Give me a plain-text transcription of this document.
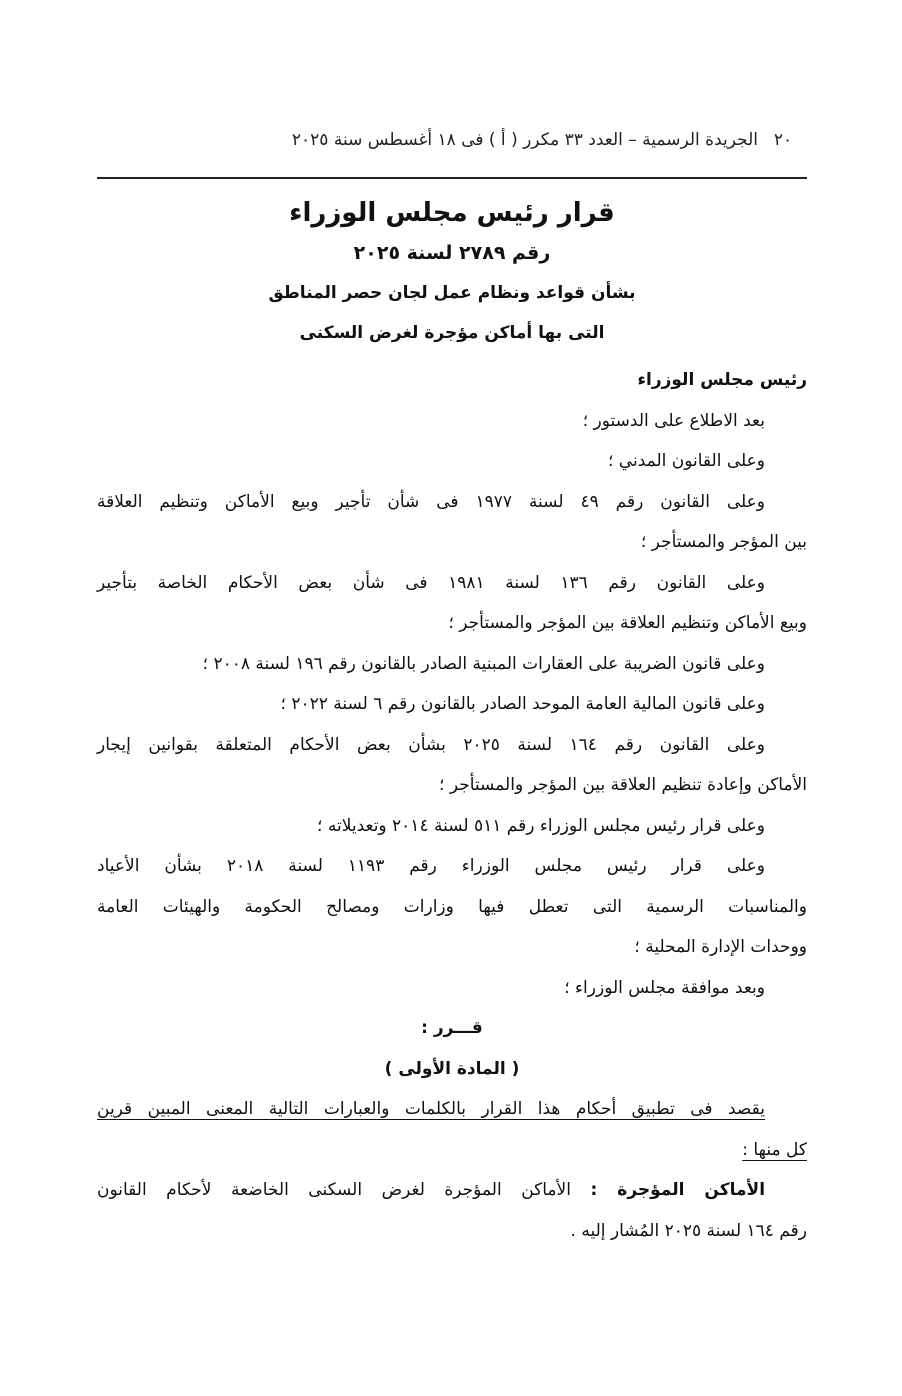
٢٠
الجريدة الرسمية – العدد ٣٣ مكرر ( أ ) فى ١٨ أغسطس سنة ٢٠٢٥
قرار رئيس مجلس الوزراء
رقم ٢٧٨٩ لسنة ٢٠٢٥
بشأن قواعد ونظام عمل لجان حصر المناطق
التى بها أماكن مؤجرة لغرض السكنى
رئيس مجلس الوزراء
بعد الاطلاع على الدستور ؛
وعلى القانون المدني ؛
وعلى القانون رقم ٤٩ لسنة ١٩٧٧ فى شأن تأجير وبيع الأماكن وتنظيم العلاقة
بين المؤجر والمستأجر ؛
وعلى القانون رقم ١٣٦ لسنة ١٩٨١ فى شأن بعض الأحكام الخاصة بتأجير
وبيع الأماكن وتنظيم العلاقة بين المؤجر والمستأجر ؛
وعلى قانون الضريبة على العقارات المبنية الصادر بالقانون رقم ١٩٦ لسنة ٢٠٠٨ ؛
وعلى قانون المالية العامة الموحد الصادر بالقانون رقم ٦ لسنة ٢٠٢٢ ؛
وعلى القانون رقم ١٦٤ لسنة ٢٠٢٥ بشأن بعض الأحكام المتعلقة بقوانين إيجار
الأماكن وإعادة تنظيم العلاقة بين المؤجر والمستأجر ؛
وعلى قرار رئيس مجلس الوزراء رقم ٥١١ لسنة ٢٠١٤ وتعديلاته ؛
وعلى قرار رئيس مجلس الوزراء رقم ١١٩٣ لسنة ٢٠١٨ بشأن الأعياد
والمناسبات الرسمية التى تعطل فيها وزارات ومصالح الحكومة والهيئات العامة
ووحدات الإدارة المحلية ؛
وبعد موافقة مجلس الوزراء ؛
قـــرر :
( المادة الأولى )
يقصد فى تطبيق أحكام هذا القرار بالكلمات والعبارات التالية المعنى المبين قرين
كل منها :
الأماكن المؤجرة : الأماكن المؤجرة لغرض السكنى الخاضعة لأحكام القانون
رقم ١٦٤ لسنة ٢٠٢٥ المُشار إليه .
